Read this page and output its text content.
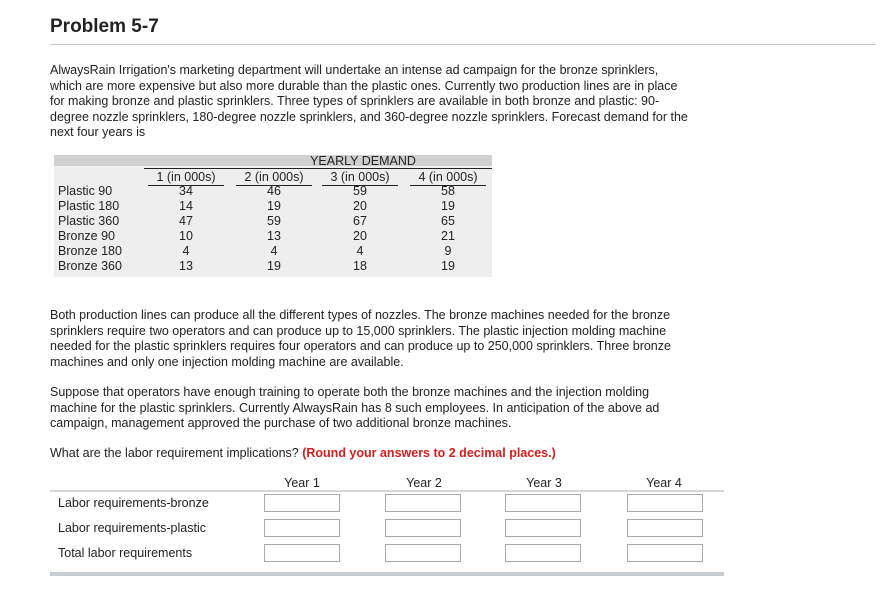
Problem 5-7
AlwaysRain Irrigation's marketing department will undertake an intense ad campaign for the bronze sprinklers, which are more expensive but also more durable than the plastic ones. Currently two production lines are in place for making bronze and plastic sprinklers. Three types of sprinklers are available in both bronze and plastic: 90-degree nozzle sprinklers, 180-degree nozzle sprinklers, and 360-degree nozzle sprinklers. Forecast demand for the next four years is
YEARLY DEMAND
1 (in 000s)	2 (in 000s)	3 (in 000s)	4 (in 000s)
Plastic 90	34	46	59	58
Plastic 180	14	19	20	19
Plastic 360	47	59	67	65
Bronze 90	10	13	20	21
Bronze 180	4	4	4	9
Bronze 360	13	19	18	19
Both production lines can produce all the different types of nozzles. The bronze machines needed for the bronze sprinklers require two operators and can produce up to 15,000 sprinklers. The plastic injection molding machine needed for the plastic sprinklers requires four operators and can produce up to 250,000 sprinklers. Three bronze machines and only one injection molding machine are available.
Suppose that operators have enough training to operate both the bronze machines and the injection molding machine for the plastic sprinklers. Currently AlwaysRain has 8 such employees. In anticipation of the above ad campaign, management approved the purchase of two additional bronze machines.
What are the labor requirement implications? (Round your answers to 2 decimal places.)
Year 1	Year 2	Year 3	Year 4
Labor requirements-bronze
Labor requirements-plastic
Total labor requirements
